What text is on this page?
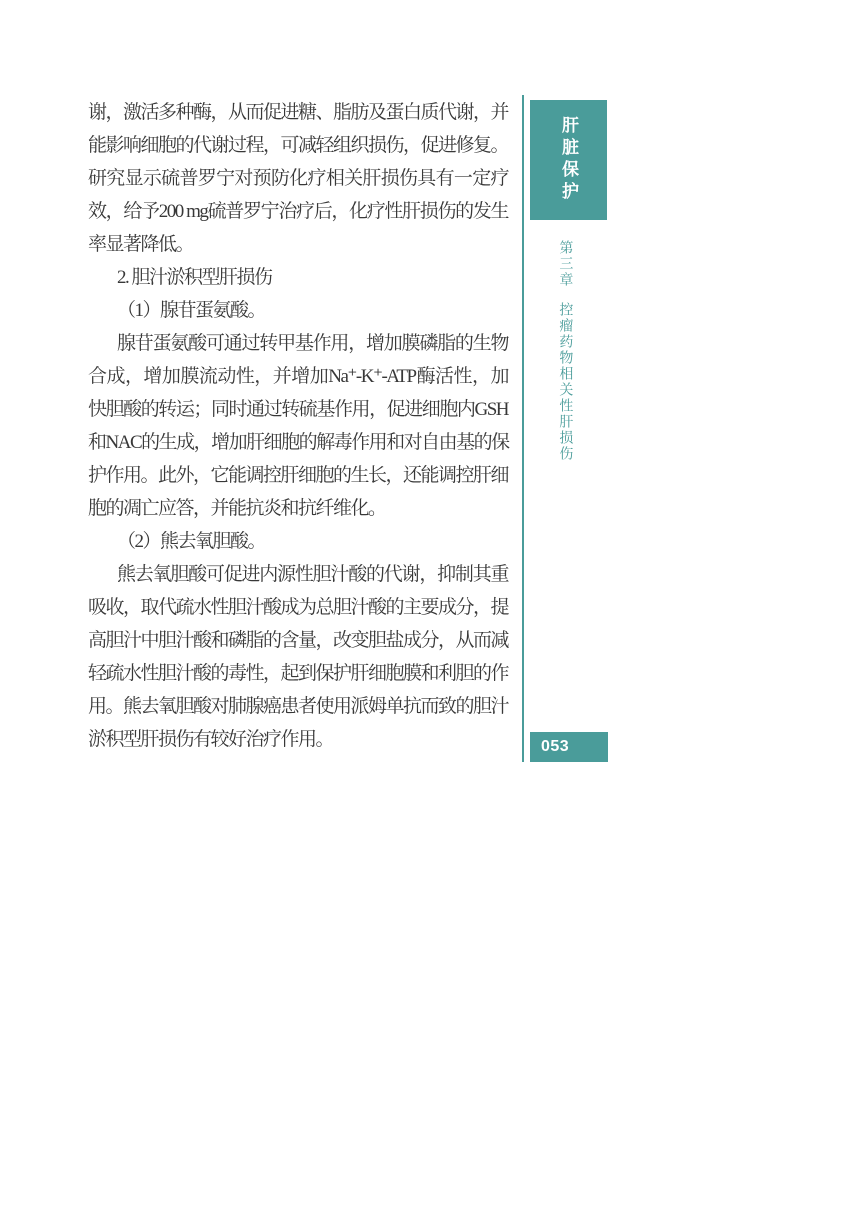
谢，激活多种酶，从而促进糖、脂肪及蛋白质代谢，并
能影响细胞的代谢过程，可减轻组织损伤，促进修复。
研究显示硫普罗宁对预防化疗相关肝损伤具有一定疗
效，给予200 mg硫普罗宁治疗后，化疗性肝损伤的发生
率显著降低。
2. 胆汁淤积型肝损伤
（1）腺苷蛋氨酸。
腺苷蛋氨酸可通过转甲基作用，增加膜磷脂的生物
合成，增加膜流动性，并增加Na⁺-K⁺-ATP酶活性，加
快胆酸的转运；同时通过转硫基作用，促进细胞内GSH
和NAC的生成，增加肝细胞的解毒作用和对自由基的保
护作用。此外，它能调控肝细胞的生长，还能调控肝细
胞的凋亡应答，并能抗炎和抗纤维化。
（2）熊去氧胆酸。
熊去氧胆酸可促进内源性胆汁酸的代谢，抑制其重
吸收，取代疏水性胆汁酸成为总胆汁酸的主要成分，提
高胆汁中胆汁酸和磷脂的含量，改变胆盐成分，从而减
轻疏水性胆汁酸的毒性，起到保护肝细胞膜和利胆的作
用。熊去氧胆酸对肺腺癌患者使用派姆单抗而致的胆汁
淤积型肝损伤有较好治疗作用。
肝脏保护
第三章控瘤药物相关性肝损伤
053
